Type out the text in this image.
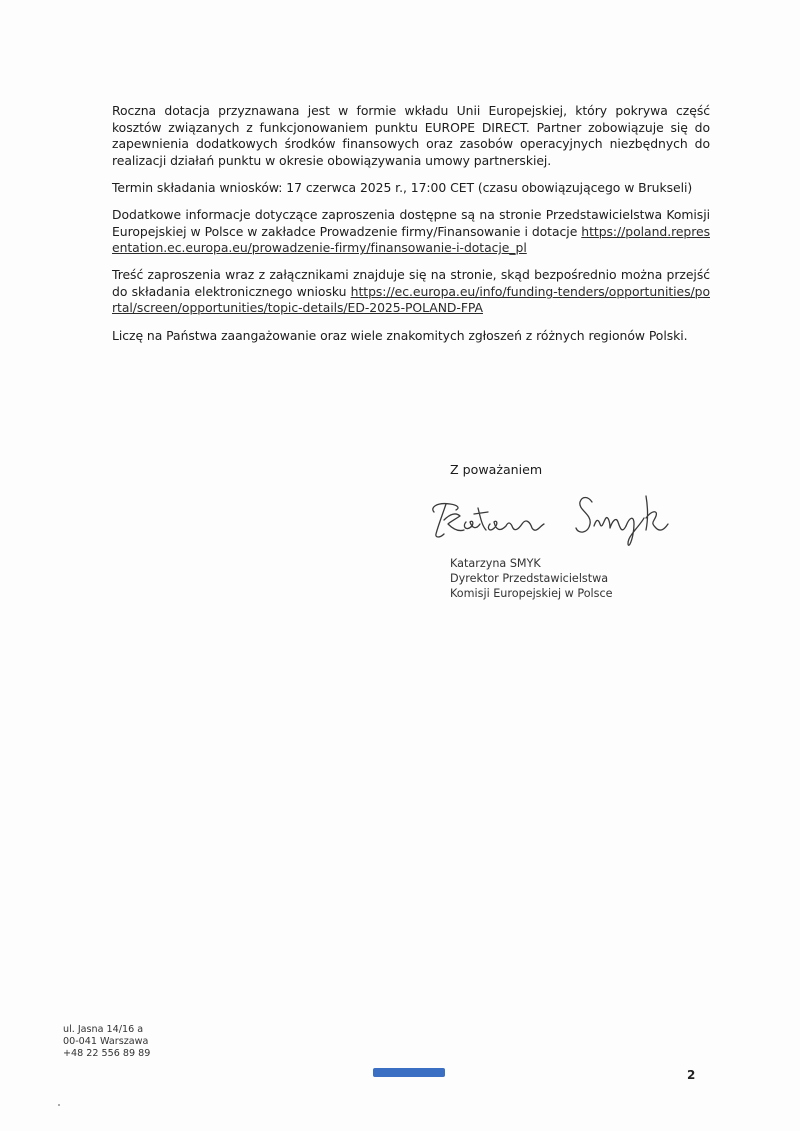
Roczna dotacja przyznawana jest w formie wkładu Unii Europejskiej, który pokrywa część kosztów związanych z funkcjonowaniem punktu EUROPE DIRECT. Partner zobowiązuje się do zapewnienia dodatkowych środków finansowych oraz zasobów operacyjnych niezbędnych do realizacji działań punktu w okresie obowiązywania umowy partnerskiej.

Termin składania wniosków: 17 czerwca 2025 r., 17:00 CET (czasu obowiązującego w Brukseli)

Dodatkowe informacje dotyczące zaproszenia dostępne są na stronie Przedstawicielstwa Komisji Europejskiej w Polsce w zakładce Prowadzenie firmy/Finansowanie i dotacje https://poland.representation.ec.europa.eu/prowadzenie-firmy/finansowanie-i-dotacje_pl

Treść zaproszenia wraz z załącznikami znajduje się na stronie, skąd bezpośrednio można przejść do składania elektronicznego wniosku https://ec.europa.eu/info/funding-tenders/opportunities/portal/screen/opportunities/topic-details/ED-2025-POLAND-FPA

Liczę na Państwa zaangażowanie oraz wiele znakomitych zgłoszeń z różnych regionów Polski.

Z poważaniem
Katarzyna SMYK
Dyrektor Przedstawicielstwa
Komisji Europejskiej w Polsce
ul. Jasna 14/16 a
00-041 Warszawa
+48 22 556 89 89
2
